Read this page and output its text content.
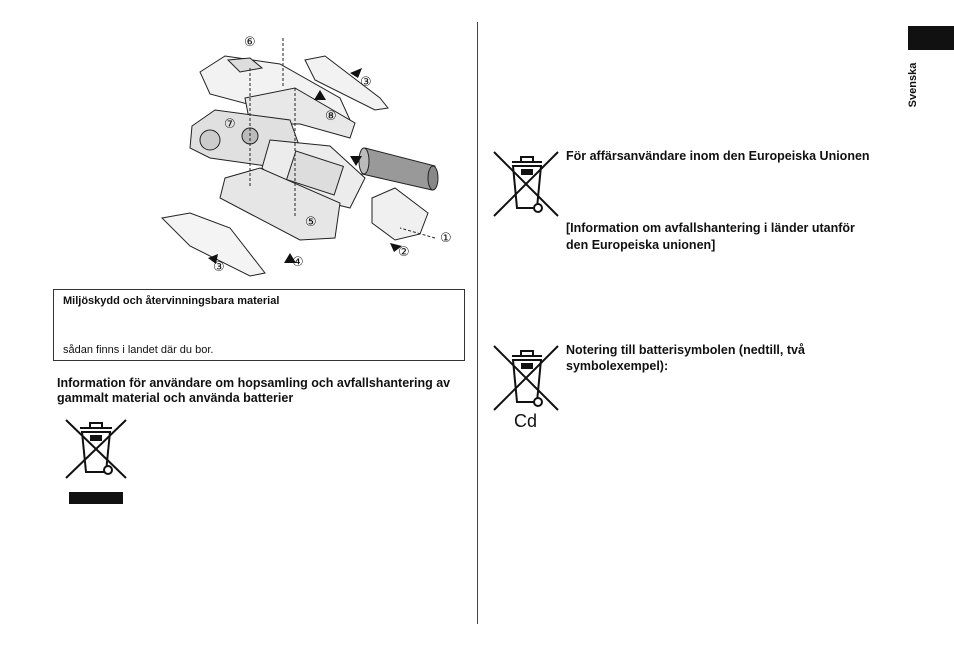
⑥
③
⑧
⑦
⑤
①
②
③	④
Miljöskydd och återvinningsbara material
sådan finns i landet där du bor.
Information för användare om hopsamling och avfallshantering av gammalt material och använda batterier
Svenska
För affärsanvändare inom den Europeiska Unionen
[Information om avfallshantering i länder utanför
den Europeiska unionen]
Cd
Notering till batterisymbolen (nedtill, två
symbolexempel):
